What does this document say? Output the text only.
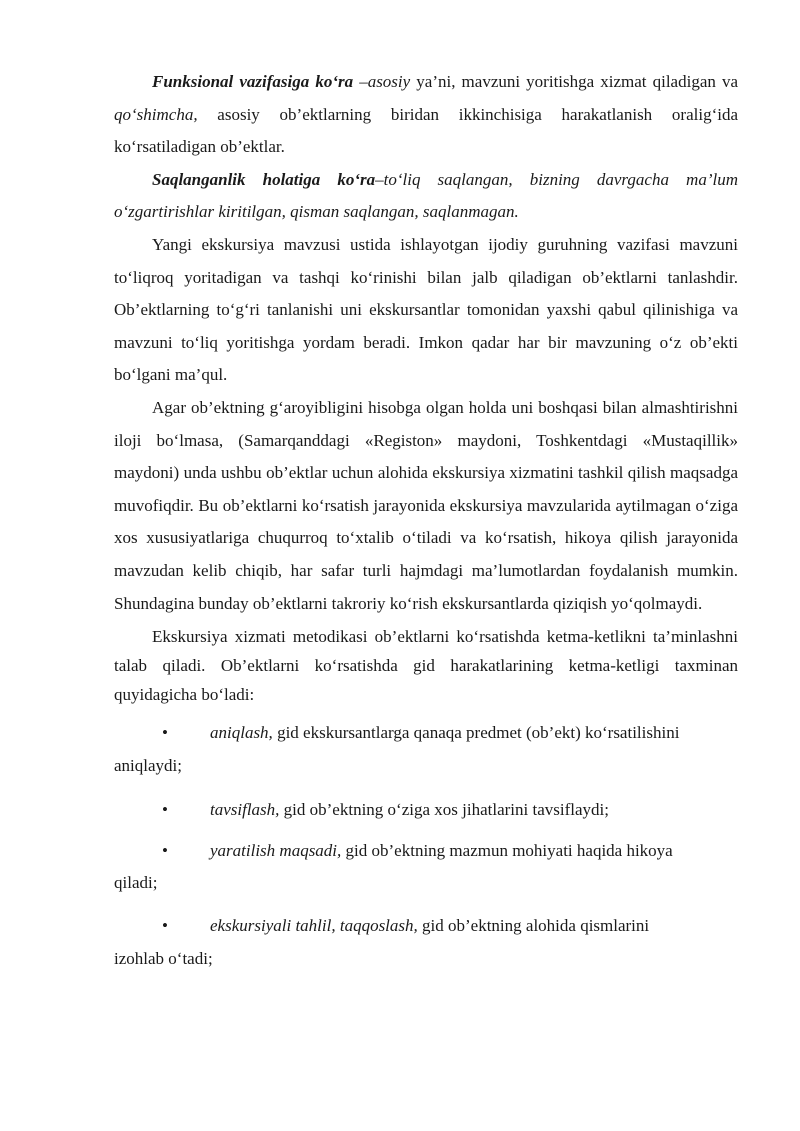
Funksional vazifasiga ko‘ra –asosiy ya’ni, mavzuni yoritishga xizmat qiladigan va qo‘shimcha, asosiy ob’ektlarning biridan ikkinchisiga harakatlanish oralig‘ida ko‘rsatiladigan ob’ektlar.

Saqlanganlik holatiga ko‘ra–to‘liq saqlangan, bizning davrgacha ma’lum o‘zgartirishlar kiritilgan, qisman saqlangan, saqlanmagan.

Yangi ekskursiya mavzusi ustida ishlayotgan ijodiy guruhning vazifasi mavzuni to‘liqroq yoritadigan va tashqi ko‘rinishi bilan jalb qiladigan ob’ektlarni tanlashdir. Ob’ektlarning to‘g‘ri tanlanishi uni ekskursantlar tomonidan yaxshi qabul qilinishiga va mavzuni to‘liq yoritishga yordam beradi. Imkon qadar har bir mavzuning o‘z ob’ekti bo‘lgani ma’qul.

Agar ob’ektning g‘aroyibligini hisobga olgan holda uni boshqasi bilan almashtirishni iloji bo‘lmasa, (Samarqanddagi «Registon» maydoni, Toshkentdagi «Mustaqillik» maydoni) unda ushbu ob’ektlar uchun alohida ekskursiya xizmatini tashkil qilish maqsadga muvofiqdir. Bu ob’ektlarni ko‘rsatish jarayonida ekskursiya mavzularida aytilmagan o‘ziga xos xususiyatlariga chuqurroq to‘xtalib o‘tiladi va ko‘rsatish, hikoya qilish jarayonida mavzudan kelib chiqib, har safar turli hajmdagi ma’lumotlardan foydalanish mumkin. Shundagina bunday ob’ektlarni takroriy ko‘rish ekskursantlarda qiziqish yo‘qolmaydi.

Ekskursiya xizmati metodikasi ob’ektlarni ko‘rsatishda ketma-ketlikni ta’minlashni talab qiladi. Ob’ektlarni ko‘rsatishda gid harakatlarining ketma-ketligi taxminan quyidagicha bo‘ladi:

• aniqlash, gid ekskursantlarga qanaqa predmet (ob’ekt) ko‘rsatilishini
aniqlaydi;
• tavsiflash, gid ob’ektning o‘ziga xos jihatlarini tavsiflaydi;
• yaratilish maqsadi, gid ob’ektning mazmun mohiyati haqida hikoya
qiladi;
• ekskursiyali tahlil, taqqoslash, gid ob’ektning alohida qismlarini
izohlab o‘tadi;
